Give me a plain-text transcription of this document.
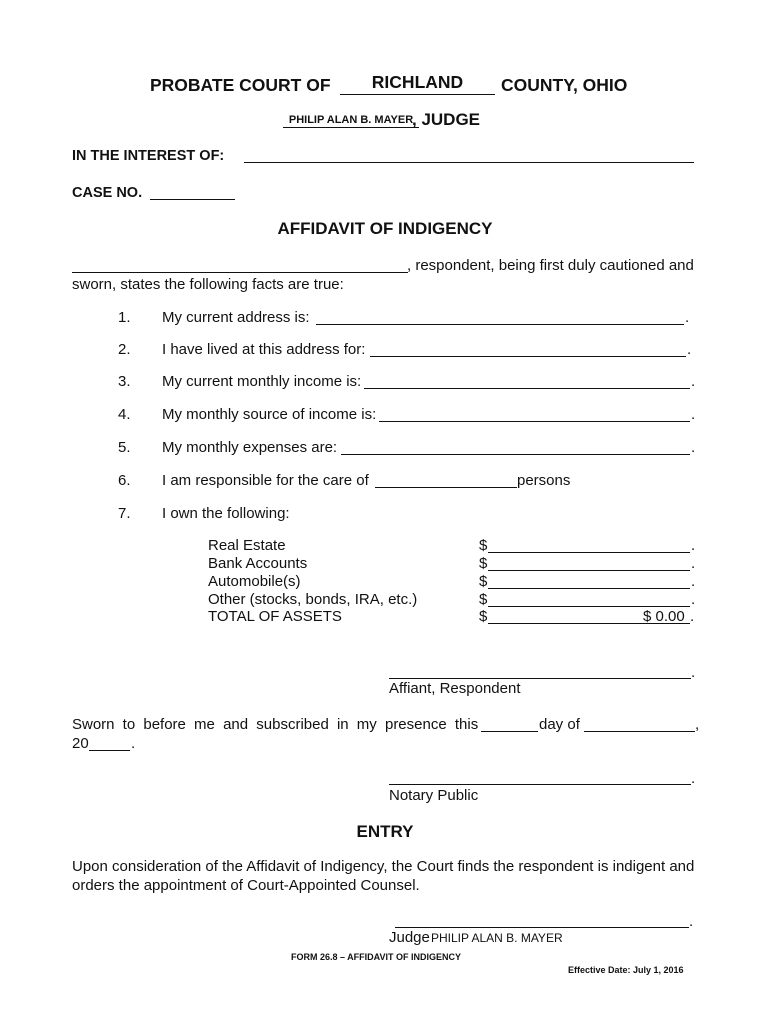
PROBATE COURT OF	RICHLAND	COUNTY, OHIO
PHILIP ALAN B. MAYER
, JUDGE
IN THE INTEREST OF:
CASE NO.
AFFIDAVIT OF INDIGENCY
, respondent, being first duly cautioned and
sworn, states the following facts are true:
1. My current address is:	.
2. I have lived at this address for:	.
3. My current monthly income is:	.
4. My monthly source of income is:	.
5. My monthly expenses are:	.
6. I am responsible for the care of	persons
7. I own the following:
Real Estate	$	.
Bank Accounts	$	.
Automobile(s)	$	.
Other (stocks, bonds, IRA, etc.)	$	.
TOTAL OF ASSETS	$	$ 0.00 .
.
Affiant, Respondent
Sworn to before me and subscribed in my presence this	day of	,
20	.
.
Notary Public
ENTRY
Upon consideration of the Affidavit of Indigency, the Court finds the respondent is indigent and
orders the appointment of Court-Appointed Counsel.
.
Judge PHILIP ALAN B. MAYER
FORM 26.8 – AFFIDAVIT OF INDIGENCY
Effective Date: July 1, 2016
